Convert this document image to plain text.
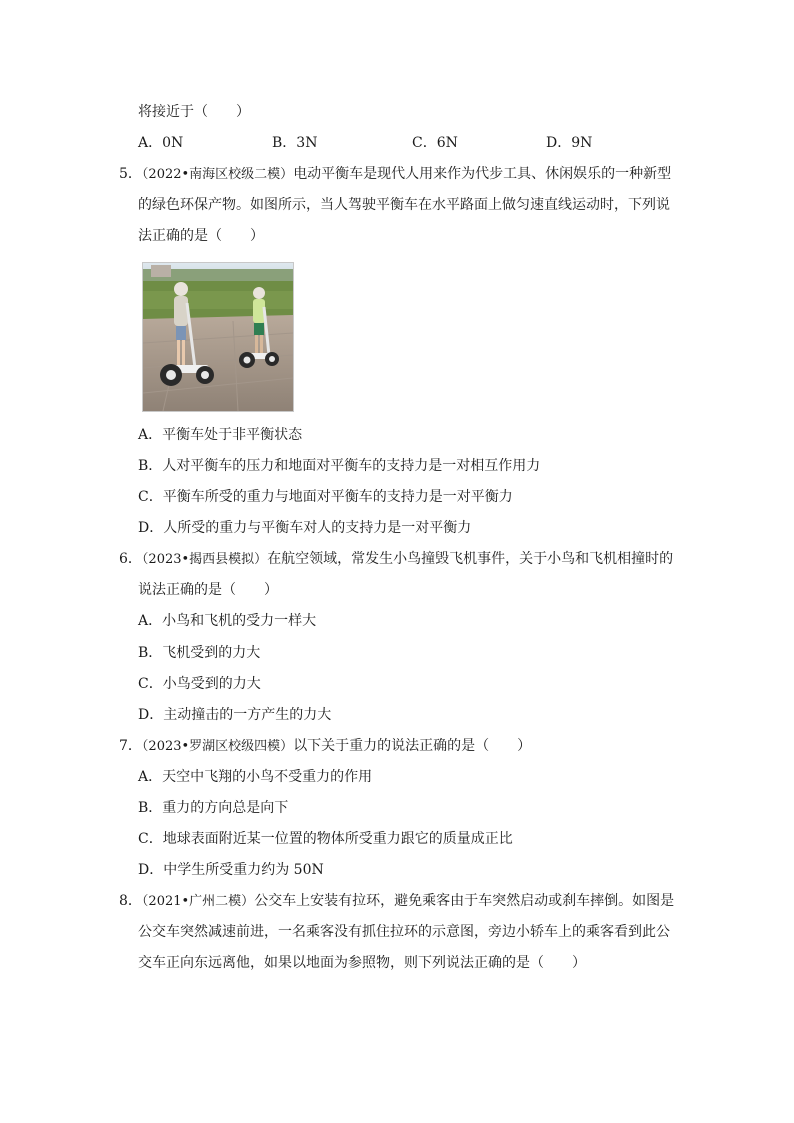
将接近于（　　）
A．0N	B．3N	C．6N	D．9N
5．（2022•南海区校级二模）电动平衡车是现代人用来作为代步工具、休闲娱乐的一种新型
的绿色环保产物。如图所示，当人驾驶平衡车在水平路面上做匀速直线运动时，下列说
法正确的是（　　）
A．平衡车处于非平衡状态
B．人对平衡车的压力和地面对平衡车的支持力是一对相互作用力
C．平衡车所受的重力与地面对平衡车的支持力是一对平衡力
D．人所受的重力与平衡车对人的支持力是一对平衡力
6．（2023•揭西县模拟）在航空领域，常发生小鸟撞毁飞机事件，关于小鸟和飞机相撞时的
说法正确的是（　　）
A．小鸟和飞机的受力一样大
B．飞机受到的力大
C．小鸟受到的力大
D．主动撞击的一方产生的力大
7．（2023•罗湖区校级四模）以下关于重力的说法正确的是（　　）
A．天空中飞翔的小鸟不受重力的作用
B．重力的方向总是向下
C．地球表面附近某一位置的物体所受重力跟它的质量成正比
D．中学生所受重力约为 50N
8．（2021•广州二模）公交车上安装有拉环，避免乘客由于车突然启动或刹车摔倒。如图是
公交车突然减速前进，一名乘客没有抓住拉环的示意图，旁边小轿车上的乘客看到此公
交车正向东远离他，如果以地面为参照物，则下列说法正确的是（　　）
